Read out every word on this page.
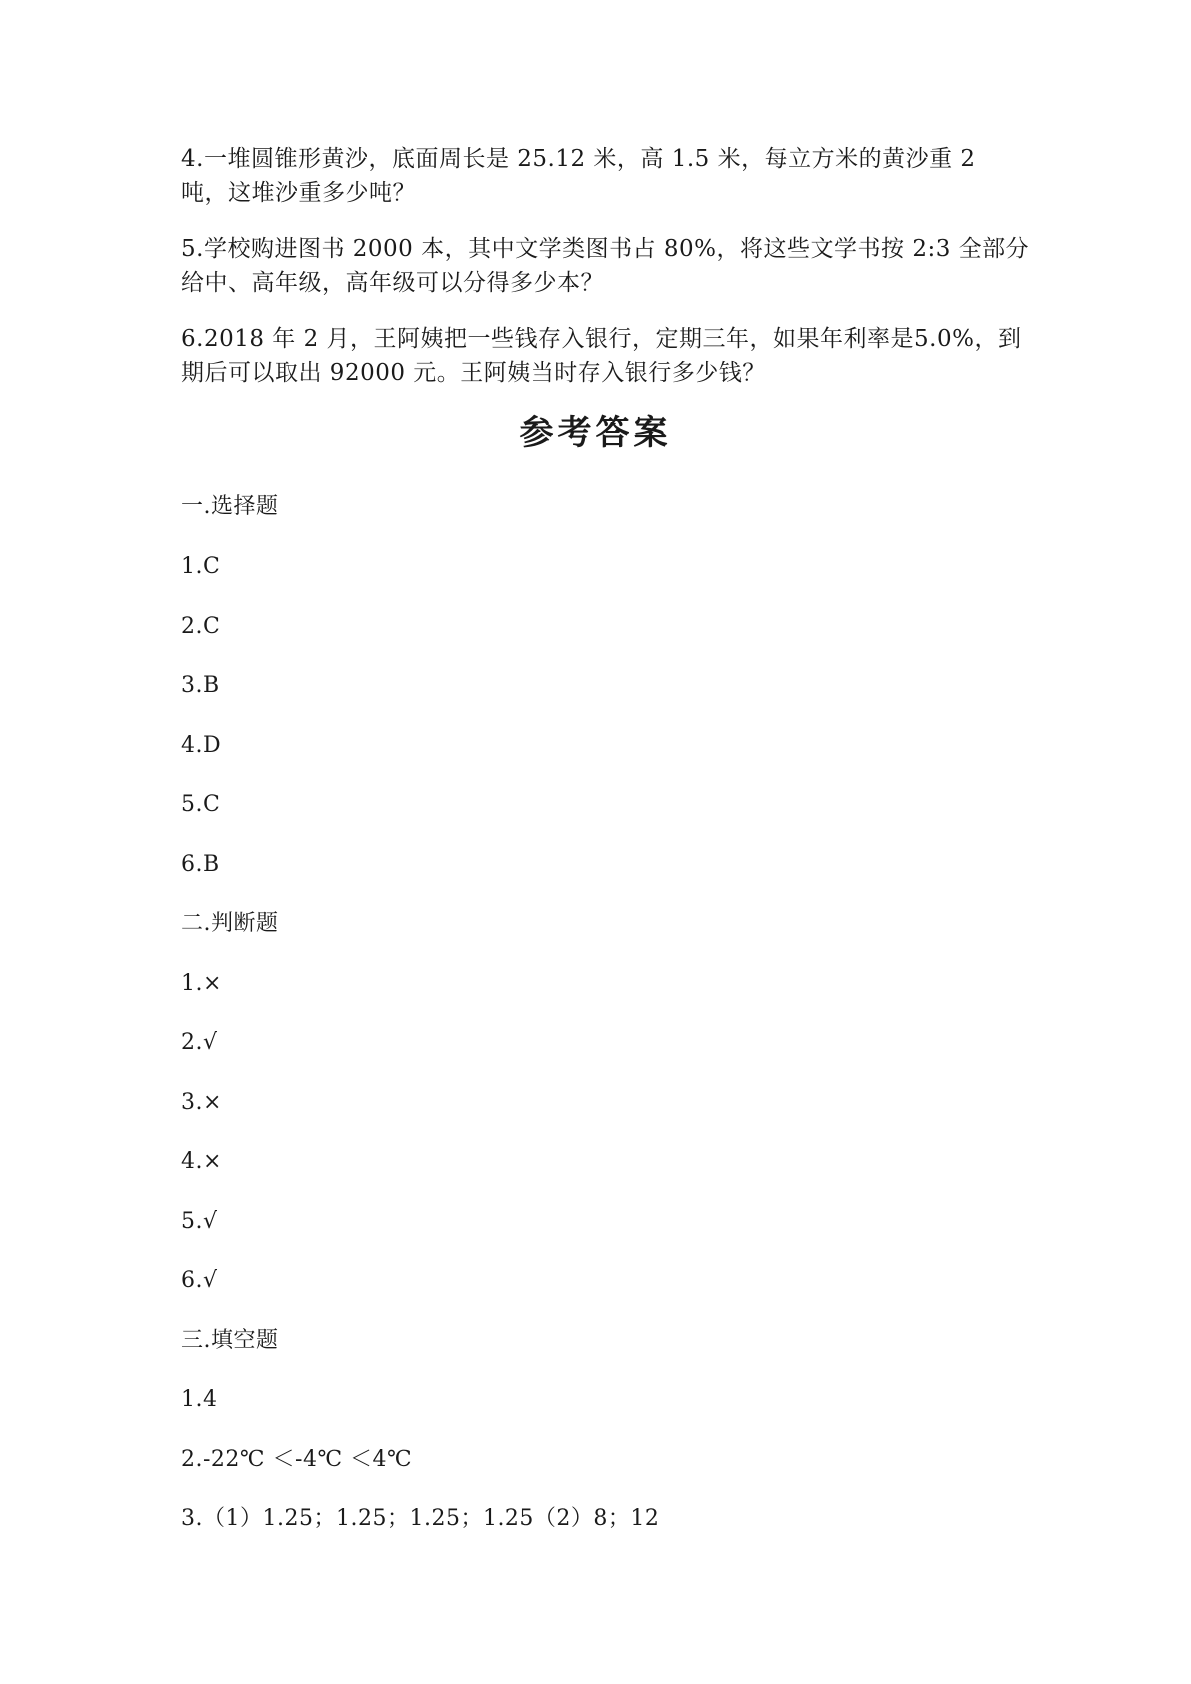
4.一堆圆锥形黄沙，底面周长是 25.12 米，高 1.5 米，每立方米的黄沙重 2
吨，这堆沙重多少吨？

5.学校购进图书 2000 本，其中文学类图书占 80%，将这些文学书按 2:3 全部分
给中、高年级，高年级可以分得多少本？

6.2018 年 2 月，王阿姨把一些钱存入银行，定期三年，如果年利率是5.0%，到
期后可以取出 92000 元。王阿姨当时存入银行多少钱？

参考答案

一.选择题

1.C

2.C

3.B

4.D

5.C

6.B

二.判断题

1.×

2.√

3.×

4.×

5.√

6.√

三.填空题

1.4

2.-22℃ ＜-4℃ ＜4℃

3.（1）1.25；1.25；1.25；1.25（2）8；12
